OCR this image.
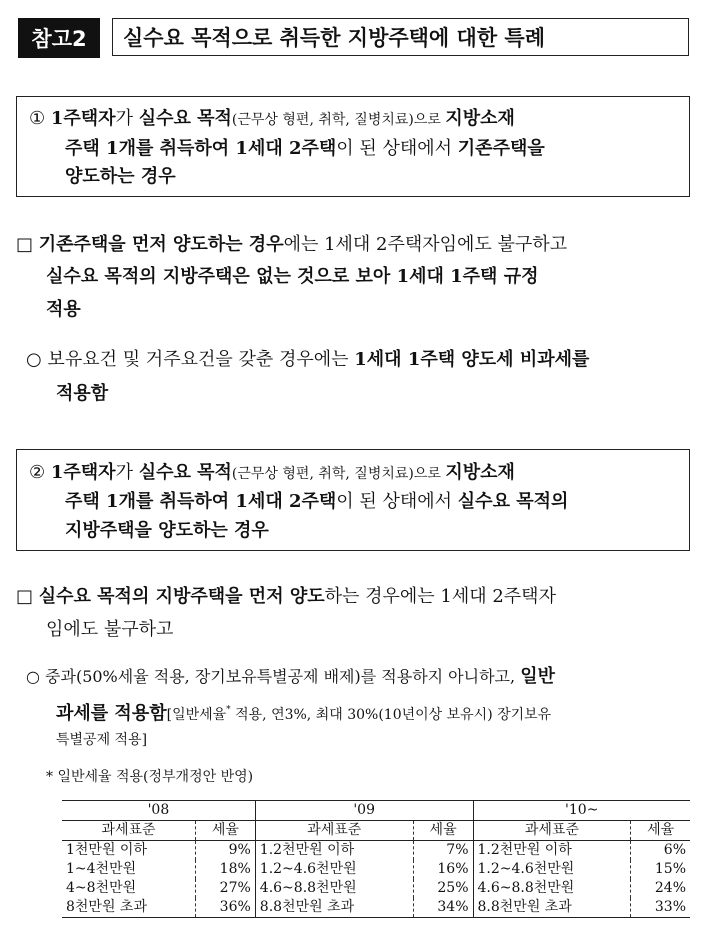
참고2	실수요 목적으로 취득한 지방주택에 대한 특례
① 1주택자가 실수요 목적(근무상 형편, 취학, 질병치료)으로 지방소재
주택 1개를 취득하여 1세대 2주택이 된 상태에서 기존주택을
양도하는 경우
□ 기존주택을 먼저 양도하는 경우에는 1세대 2주택자임에도 불구하고
실수요 목적의 지방주택은 없는 것으로 보아 1세대 1주택 규정
적용
○ 보유요건 및 거주요건을 갖춘 경우에는 1세대 1주택 양도세 비과세를
적용함
② 1주택자가 실수요 목적(근무상 형편, 취학, 질병치료)으로 지방소재
주택 1개를 취득하여 1세대 2주택이 된 상태에서 실수요 목적의
지방주택을 양도하는 경우
□ 실수요 목적의 지방주택을 먼저 양도하는 경우에는 1세대 2주택자
임에도 불구하고
○ 중과(50%세율 적용, 장기보유특별공제 배제)를 적용하지 아니하고, 일반
과세를 적용함[일반세율* 적용, 연3%, 최대 30%(10년이상 보유시) 장기보유
특별공제 적용]
* 일반세율 적용(정부개정안 반영)
'08		'09		'10~	
과세표준	세율	과세표준	세율	과세표준	세율
1천만원 이하	9%	1.2천만원 이하	7%	1.2천만원 이하	6%
1~4천만원	18%	1.2~4.6천만원	16%	1.2~4.6천만원	15%
4~8천만원	27%	4.6~8.8천만원	25%	4.6~8.8천만원	24%
8천만원 초과	36%	8.8천만원 초과	34%	8.8천만원 초과	33%
